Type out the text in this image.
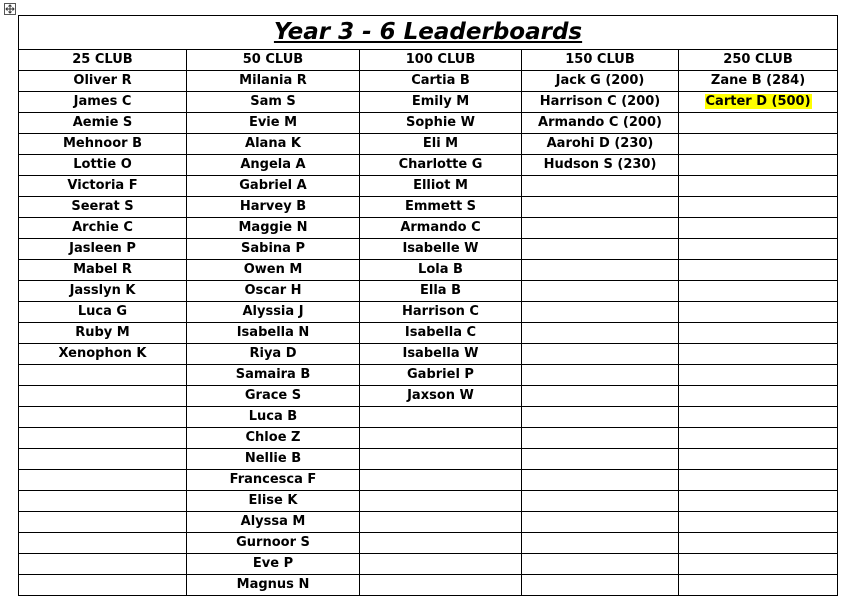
Year 3 - 6 Leaderboards				
25 CLUB	50 CLUB	100 CLUB	150 CLUB	250 CLUB
Oliver R	Milania R	Cartia B	Jack G (200)	Zane B (284)
James C	Sam S	Emily M	Harrison C (200)	Carter D (500)
Aemie S	Evie M	Sophie W	Armando C (200)	
Mehnoor B	Alana K	Eli M	Aarohi D (230)	
Lottie O	Angela A	Charlotte G	Hudson S (230)	
Victoria F	Gabriel A	Elliot M		
Seerat S	Harvey B	Emmett S		
Archie C	Maggie N	Armando C		
Jasleen P	Sabina P	Isabelle W		
Mabel R	Owen M	Lola B		
Jasslyn K	Oscar H	Ella B		
Luca G	Alyssia J	Harrison C		
Ruby M	Isabella N	Isabella C		
Xenophon K	Riya D	Isabella W		
	Samaira B	Gabriel P		
	Grace S	Jaxson W		
	Luca B			
	Chloe Z			
	Nellie B			
	Francesca F			
	Elise K			
	Alyssa M			
	Gurnoor S			
	Eve P			
	Magnus N			
